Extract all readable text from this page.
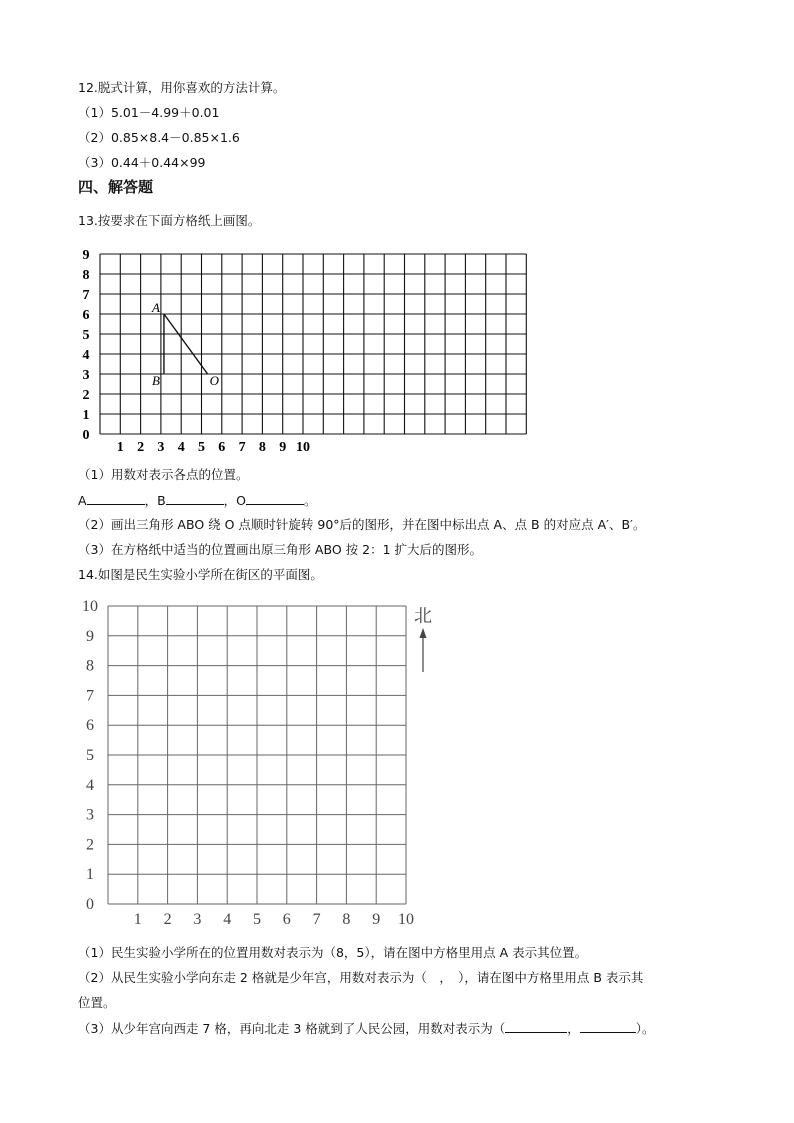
12.脱式计算，用你喜欢的方法计算。
（1）5.01－4.99＋0.01
（2）0.85×8.4－0.85×1.6
（3）0.44＋0.44×99
四、解答题
13.按要求在下面方格纸上画图。
0
1
2
3
4
5
6
7
8
9
1 2 3 4 5 6 7 8 9 10
A
B	O
（1）用数对表示各点的位置。
A	，B	，O	。
（2）画出三角形 ABO 绕 O 点顺时针旋转 90°后的图形，并在图中标出点 A、点 B 的对应点 A′、B′。
（3）在方格纸中适当的位置画出原三角形 ABO 按 2：1 扩大后的图形。
14.如图是民生实验小学所在街区的平面图。
0
1
2
3
4
5
6
7
8
9
10
1 2 3 4 5 6 7 8 9 10
北
（1）民生实验小学所在的位置用数对表示为（8，5），请在图中方格里用点 A 表示其位置。
（2）从民生实验小学向东走 2 格就是少年宫，用数对表示为（　，　），请在图中方格里用点 B 表示其
位置。
（3）从少年宫向西走 7 格，再向北走 3 格就到了人民公园，用数对表示为（	，	）。
